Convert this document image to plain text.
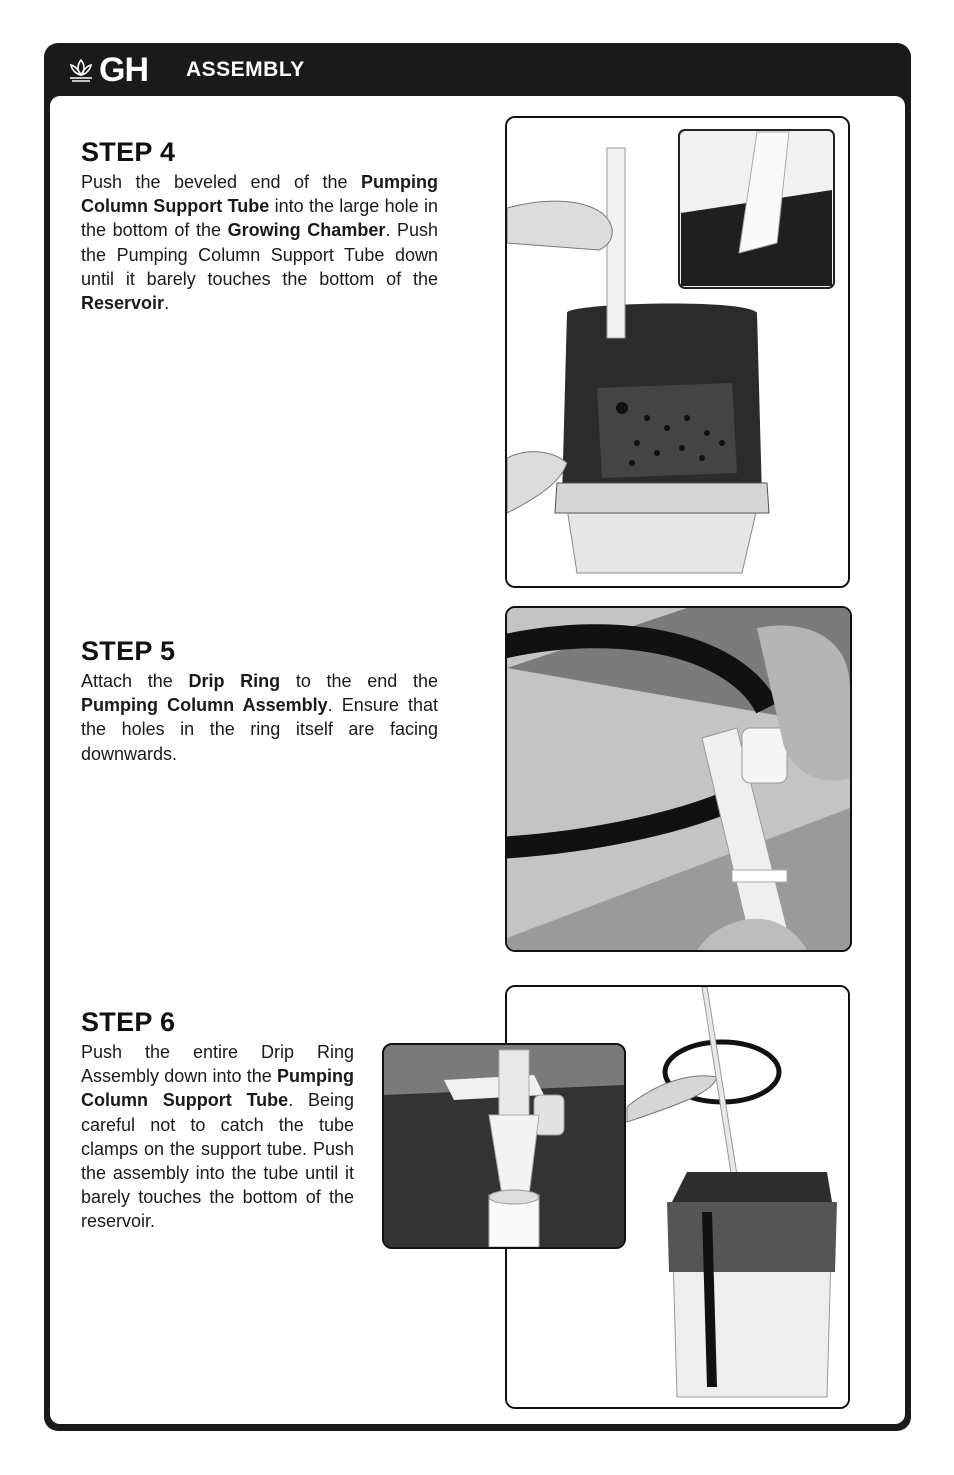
GH ASSEMBLY
STEP 4
Push the beveled end of the Pumping Column Support Tube into the large hole in the bottom of the Growing Chamber. Push the Pumping Column Support Tube down until it barely touches the bottom of the Reservoir.
STEP 5
Attach the Drip Ring to the end the Pumping Column Assembly. Ensure that the holes in the ring itself are facing downwards.
STEP 6
Push the entire Drip Ring Assembly down into the Pumping Column Support Tube. Being careful not to catch the tube clamps on the support tube. Push the assembly into the tube until it barely touches the bottom of the reservoir.
